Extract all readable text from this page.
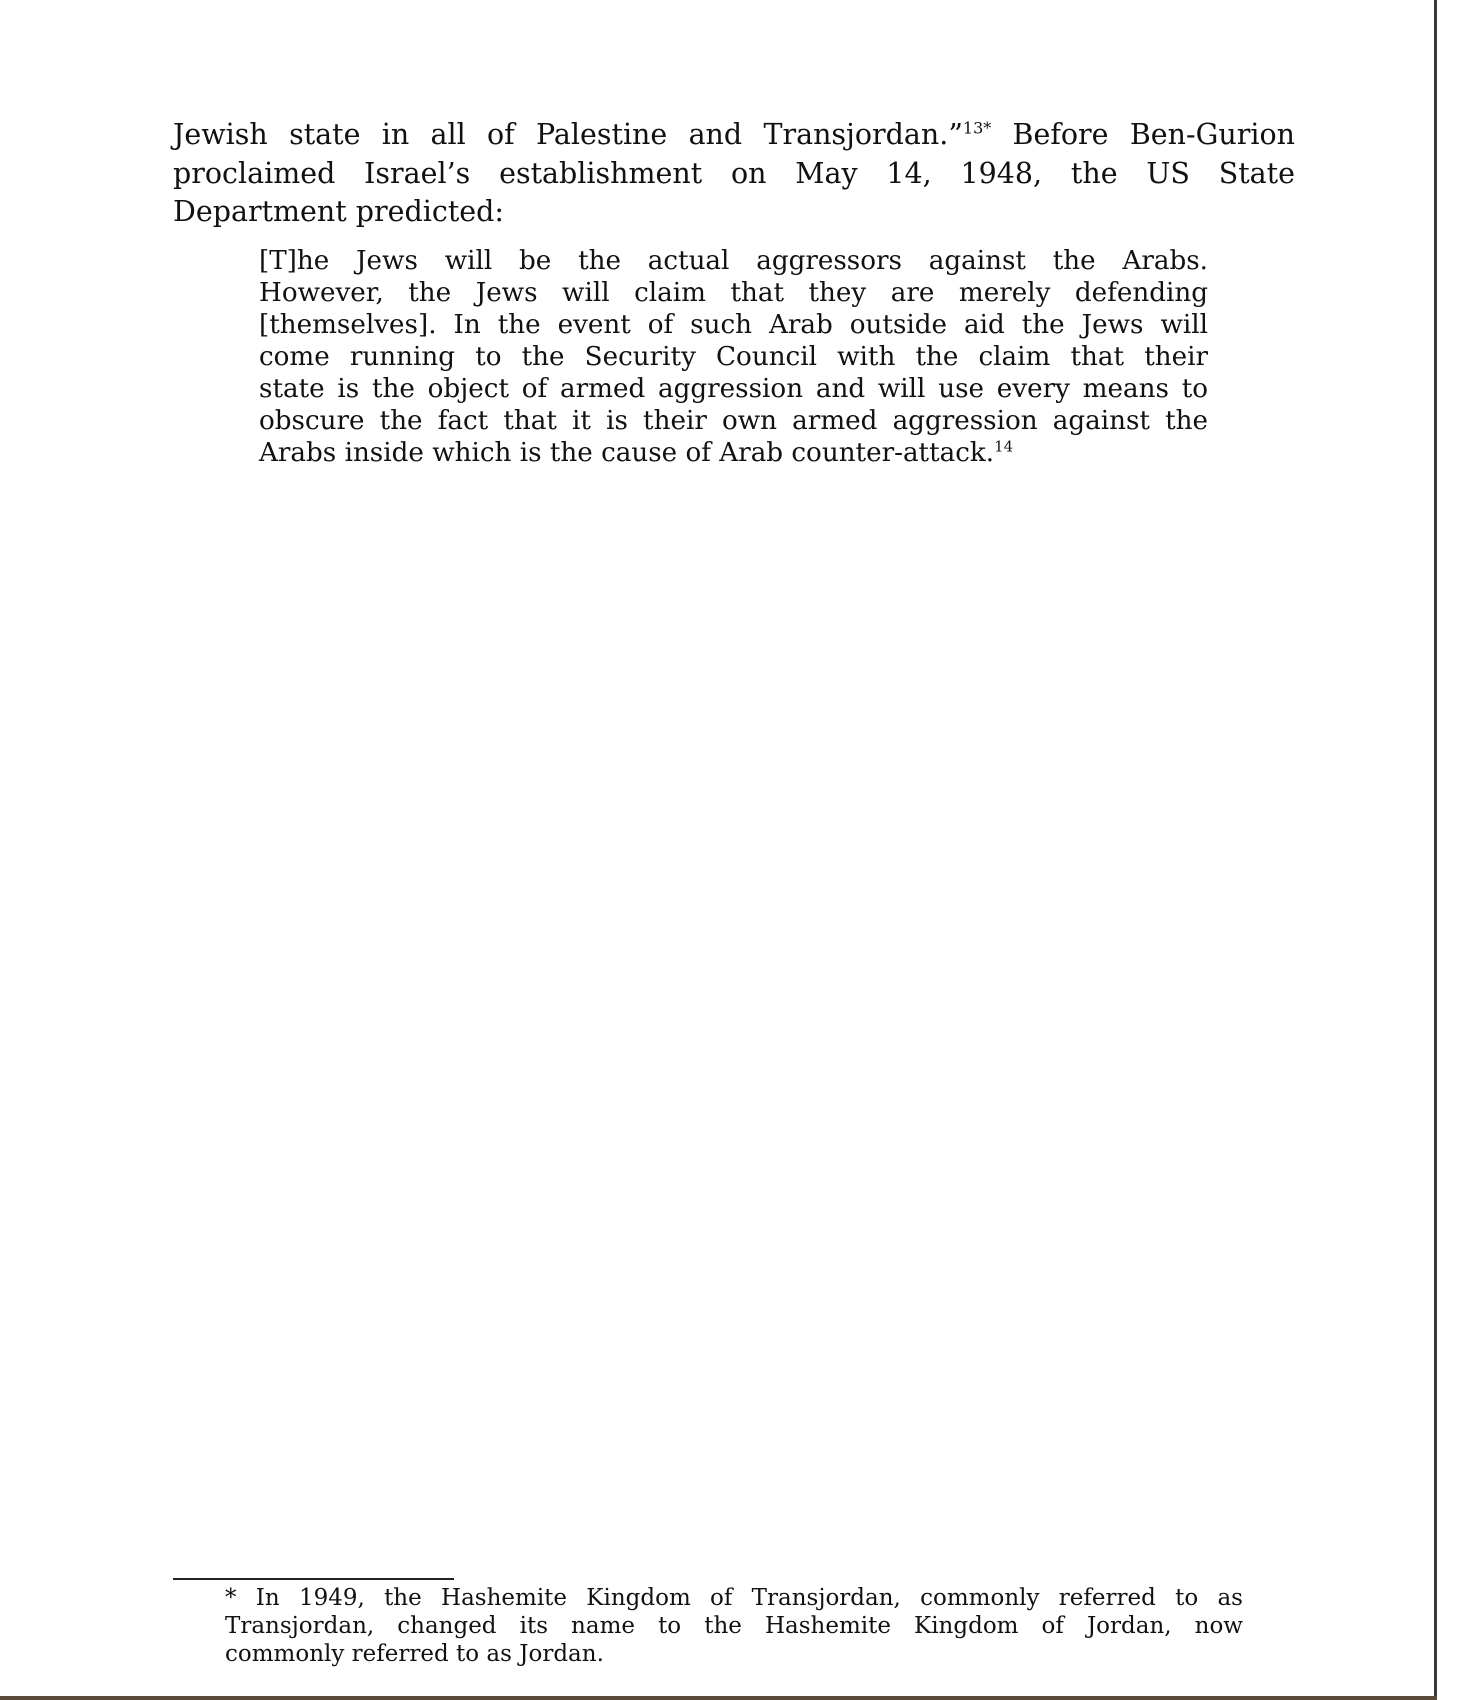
Jewish state in all of Palestine and Transjordan.”$^{13*}$ Before Ben-Gurion
proclaimed Israel’s establishment on May 14, 1948, the US State
Department predicted:
[T]he Jews will be the actual aggressors against the Arabs.
However, the Jews will claim that they are merely defending
[themselves]. In the event of such Arab outside aid the Jews will
come running to the Security Council with the claim that their
state is the object of armed aggression and will use every means to
obscure the fact that it is their own armed aggression against the
Arabs inside which is the cause of Arab counter-attack.$^{14}$
* In 1949, the Hashemite Kingdom of Transjordan, commonly referred to as
Transjordan, changed its name to the Hashemite Kingdom of Jordan, now
commonly referred to as Jordan.
